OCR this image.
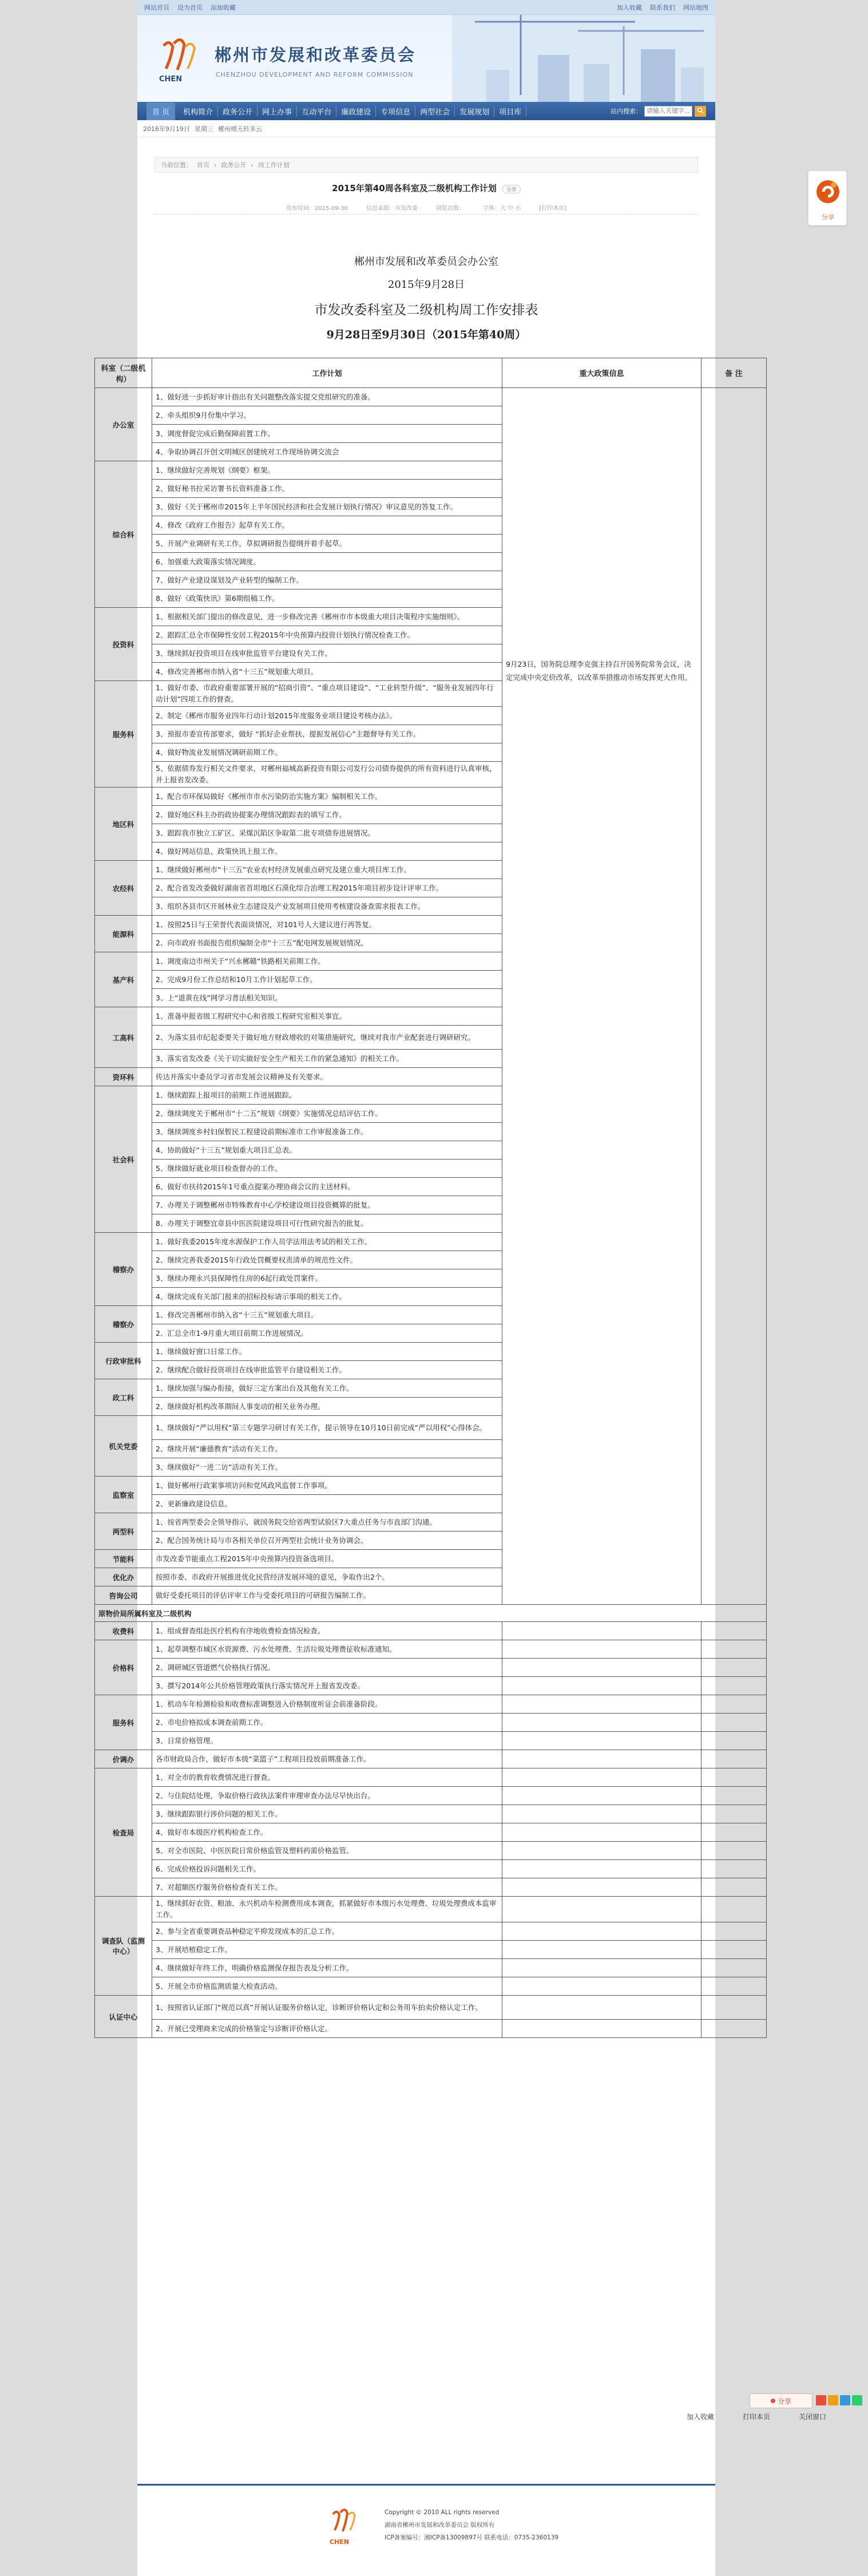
网站首页 设为首页 添加收藏	加入收藏 联系我们 网站地图
CHEN
郴州市发展和改革委员会
CHENZHOU DEVELOPMENT AND REFORM COMMISSION
首 页	机构简介	政务公开	网上办事	互动平台	廉政建设	专项信息	两型社会	发展规划	项目库	站内搜索：
请输入关键字...
2016年9月19日 星期三 郴州晴天转多云
当前位置： 首页 › 政务公开 › 周工作计划
2015年第40周各科室及二级机构工作计划 分享
发布时间：2015-09-30	信息来源：市发改委	浏览次数：	字体：大 中 小	[打印本页]
郴州市发展和改革委员会办公室
2015年9月28日
市发改委科室及二级机构周工作安排表
9月28日至9月30日（2015年第40周）
分享
加入收藏	打印本页	关闭窗口
CHEN
Copyright © 2010 ALL rights reserved
湖南省郴州市发展和改革委员会 版权所有
ICP备案编号：湘ICP备13009897号 联系电话：0735-2360139
科室（二级机构）	工作计划	重大政策信息	备 注
办公室	1、做好进一步抓好审计指出有关问题整改落实提交党组研究的准备。	9月23日，国务院总理李克强主持召开国务院常务会议，决定完成中央定价改革，以改革举措推动市场发挥更大作用。	

	2、牵头组织9月份集中学习。		
	3、调度督促完成后勤保障前置工作。		
	4、争取协调召开创文明城区创建统对工作现场协调交流会		
综合科	1、继续做好完善规划《纲要》框架。		
	2、做好秘书拉采访署书长资料准备工作。		
	3、做好《关于郴州市2015年上半年国民经济和社会发展计划执行情况》审议意见的答复工作。		
	4、修改《政府工作报告》起草有关工作。		
	5、开展产业调研有关工作，草拟调研报告提纲并着手起草。		
	6、加强重大政策落实情况调度。		
	7、做好产业建设谋划及产业转型的编制工作。		
	8、做好《政策快讯》第6期组稿工作。		
投资科	1、根据相关部门提出的修改意见，进一步修改完善《郴州市市本级重大项目决策程序实施细则》。		
	2、跟踪汇总全市保障性安居工程2015年中央预算内投资计划执行情况检查工作。		
	3、继续抓好投资项目在线审批监管平台建设有关工作。		
	4、修改完善郴州市纳入省“十三五”规划重大项目。		
服务科	1、做好市委、市政府重要部署开展的“招商引资”、“重点项目建设”、“工业转型升级”、“服务业发展四年行动计划”四项工作的督查。		
	2、制定《郴州市服务业四年行动计划2015年度服务业项目建设考核办法》。		
	3、预报市委宣传部要求，做好 “抓好企业帮扶、提振发展信心”主题督导有关工作。		
	4、做好物流业发展情况调研前期工作。		
	5、依据债券发行相关文件要求，对郴州福城高新投资有限公司发行公司债券提供的所有资料进行认真审核，并上报省发改委。		
地区科	1、配合市环保局做好《郴州市市水污染防治实施方案》编制相关工作。		
	2、做好地区科主办的政协提案办理情况跟踪表的填写工作。		
	3、跟踪我市独立工矿区、采煤沉陷区争取第二批专项债券进展情况。		
	4、做好网站信息、政策快讯上报工作。		
农经科	1、继续做好郴州市“十三五”农业农村经济发展重点研究及建立重大项目库工作。		
	2、配合省发改委做好湖南省首坦地区石漠化综合治理工程2015年项目初步设计评审工作。		
	3、组织各县市区开展林业生态建设及产业发展项目使用考核建设备查需求报表工作。		
能源科	1、按照25日与王荣誉代表面谈情况，对101号人大建议进行再答复。		
	2、向市政府书面报告组织编制全市“十三五”配电网发展规划情况。		
基产科	1、调度南边市州关于“兴永郴赣”铁路相关前期工作。		
	2、完成9月份工作总结和10月工作计划起草工作。		
	3、上“道黄在线”网学习普法相关知识。		
工高科	1、准备申报省级工程研究中心和省级工程研究室相关事宜。		
	2、为落实县市纪起委要关于做好地方财政增收的对策措施研究，继续对我市产业配套进行调研研究。		
	3、落实省发改委《关于切实做好安全生产相关工作的紧急通知》的相关工作。		
资环科	传达并落实中委员学习省市发展会议精神及有关要求。		
社会科	1、继续跟踪上报项目的前期工作进展跟踪。		
	2、继续调度关于郴州市“十二五”规划《纲要》实施情况总结评估工作。		
	3、继续调度乡村妇保暂民工程建设前期标准市工作审报准备工作。		
	4、协助做好“十三五”规划重大项目汇总表。		
	5、继续做好就业项目检查督办的工作。		
	6、做好市扶持2015年1号重点提案办理协商会议的主送材料。		
	7、办理关于调整郴州市特殊教育中心学校建设项目投资概算的批复。		
	8、办理关于调整宜章县中医医院建设项目可行性研究报告的批复。		
稽察办	1、做好我委2015年度水源保护工作人员学法用法考试的相关工作。		
	2、继续完善我委2015年行政处罚概要权责清单的规范性文件。		
	3、继续办理永兴县保障性住房的6起行政处罚案件。		
	4、继续完成有关部门报来的招标投标请示事项的相关工作。		
稽察办	1、修改完善郴州市纳入省“十三五”规划重大项目。		
	2、汇总全市1-9月重大项目前期工作进展情况。		
行政审批科	1、继续做好窗口日常工作。		
	2、继续配合做好投资项目在线审批监管平台建设相关工作。		
政工科	1、继续加强与编办衔接，做好三定方案出台及其他有关工作。		
	2、继续做好机构改革期间人事变动的相关业务办理。		
机关党委	1、继续做好“严以用权”第三专题学习研讨有关工作，提示领导在10月10日前完成“严以用权”心得体会。		
	2、继续开展“廉德教育”活动有关工作。		
	3、继续做好“一进二访”活动有关工作。		
监察室	1、做好郴州行政案事项访问和党风政风监督工作事项。		
	2、更新廉政建设信息。		
两型科	1、按省两型委会全领导指示，就国务院交给省两型试验区7大重点任务与市直部门沟通。		
	2、配合国务统计局与市各相关单位召开两型社会统计业务协调会。		
节能科	市发改委节能重点工程2015年中央预算内投资备选项目。		
优化办	按照市委、市政府开展推进优化民营经济发展环境的意见，争取作出2个。		
咨询公司	做好受委托项目的评估评审工作与受委托项目的可研报告编制工作。		
原物价局所属科室及二级机构			
收费科	1、组成督查组赴医疗机构有序地收费检查情况检查。		
价格科	1、起草调整市城区水资源费、污水处理费、生活垃圾处理费征收标准通知。		
	2、调研城区管道燃气价格执行情况。		
	3、撰写2014年公共价格管理政策执行落实情况并上报省发改委。		
服务科	1、机动车年检测检验和收费标准调整进入价格制度听证会前准备阶段。		
	2、市电价格拟成本调查前期工作。		
	3、日常价格管理。		
价调办	各市财政局合作，做好市本级“菜篮子”工程项目投放前期准备工作。		
检查局	1、对全市的教育收费情况进行督查。		
	2、与住院结处理，争取价格行政执法案件审理审查办法尽早快出台。		
	3、继续跟踪银行涉价问题的相关工作。		
	4、做好市本级医疗机构检查工作。		
	5、对全市医院、中医医院日常价格监管及塑料药需价格监管。		
	6、完成价格投诉问题相关工作。		
	7、对超额医疗服务价格检查有关工作。		
调查队（监测中心）	1、继续抓好农资、粮油、永兴机动车检测费用成本调查，抓紧做好市本级污水处理费、垃圾处理费成本监审工作。		
	2、参与全省重要调查品种稳定平抑发现成本的汇总工作。		
	3、开展培植稳定工作。		
	4、继续做好年终工作，明确价格监测保存报告表及分析工作。		
	5、开展全市价格监测质量大检查活动。		
认证中心	1、按照省认证部门“规范以真”开展认证服务价格认定，诊断评价格认定和公务用车拍卖价格认定工作。		
	2、开展已受理商来完成的价格鉴定与诊断评价格认定。		
分享
